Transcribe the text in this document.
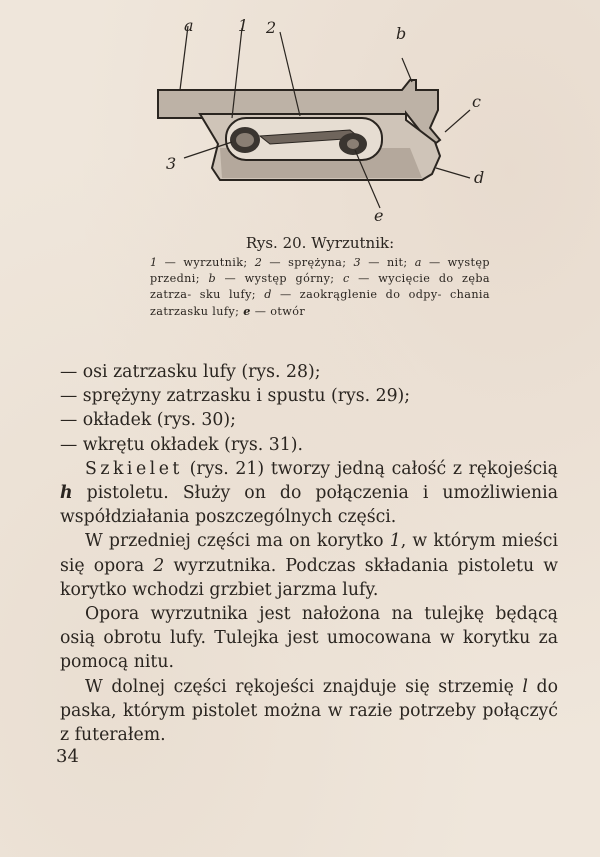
a	1 2	b
c
d
3
e
Rys. 20. Wyrzutnik:
1 — wyrzutnik; 2 — sprężyna; 3 — nit; a — występ przedni; b — występ górny; c — wycięcie do zęba zatrza- sku lufy; d — zaokrąglenie do odpy- chania zatrzasku lufy; e — otwór

— osi zatrzasku lufy (rys. 28);

— sprężyny zatrzasku i spustu (rys. 29);

— okładek (rys. 30);

— wkrętu okładek (rys. 31).

Szkielet (rys. 21) tworzy jedną całość z rękojeścią h pistoletu. Służy on do połączenia i umożliwienia współdziałania poszczególnych części.

W przedniej części ma on korytko 1, w którym mieści się opora 2 wyrzutnika. Podczas składania pistoletu w korytko wchodzi grzbiet jarzma lufy.

Opora wyrzutnika jest nałożona na tulejkę będącą osią obrotu lufy. Tulejka jest umocowana w korytku za pomocą nitu.

W dolnej części rękojeści znajduje się strzemię l do paska, którym pistolet można w razie potrzeby połączyć z futerałem.

34
